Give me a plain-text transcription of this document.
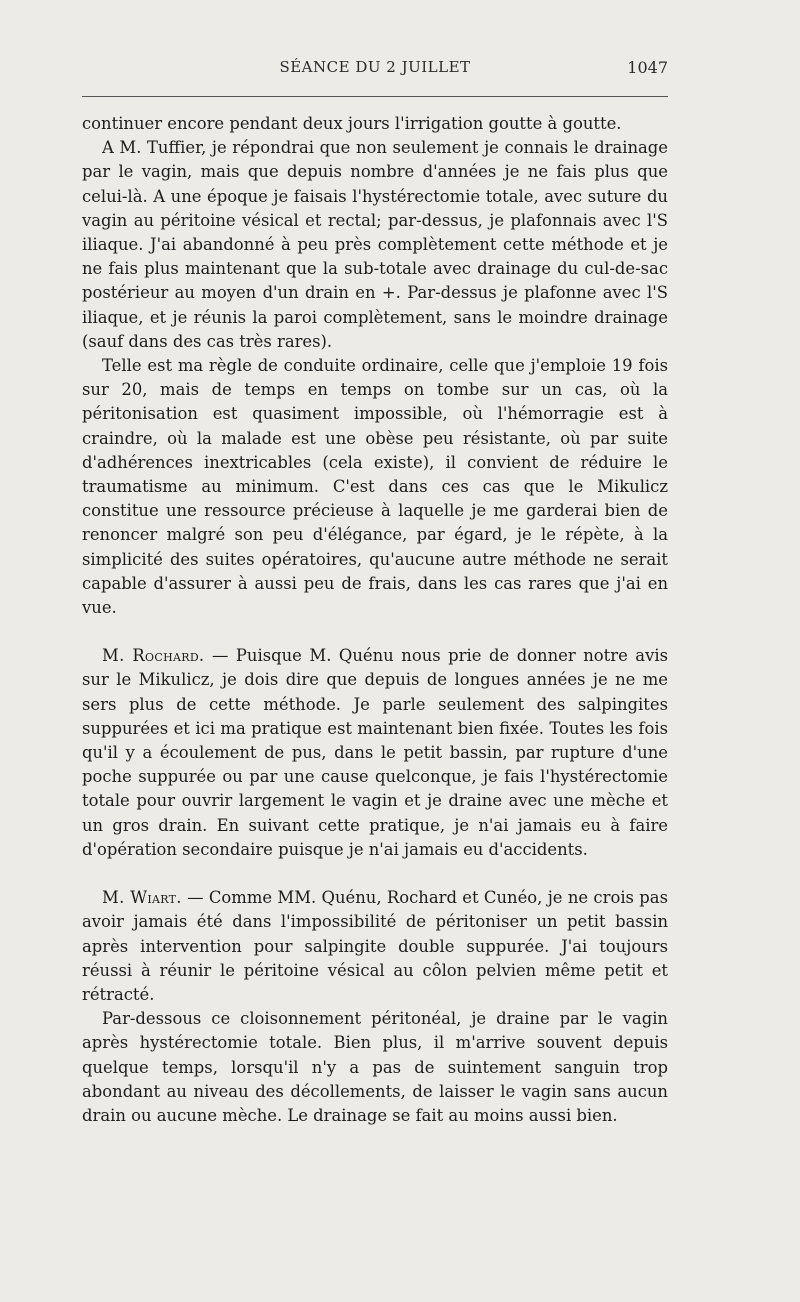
SÉANCE DU 2 JUILLET	1047

continuer encore pendant deux jours l'irrigation goutte à goutte.

A M. Tuffier, je répondrai que non seulement je connais le drainage par le vagin, mais que depuis nombre d'années je ne fais plus que celui-là. A une époque je faisais l'hystérectomie totale, avec suture du vagin au péritoine vésical et rectal; par-dessus, je plafonnais avec l'S iliaque. J'ai abandonné à peu près complètement cette méthode et je ne fais plus maintenant que la sub-totale avec drainage du cul-de-sac postérieur au moyen d'un drain en +. Par-dessus je plafonne avec l'S iliaque, et je réunis la paroi complètement, sans le moindre drainage (sauf dans des cas très rares).

Telle est ma règle de conduite ordinaire, celle que j'emploie 19 fois sur 20, mais de temps en temps on tombe sur un cas, où la péritonisation est quasiment impossible, où l'hémorragie est à craindre, où la malade est une obèse peu résistante, où par suite d'adhérences inextricables (cela existe), il convient de réduire le traumatisme au minimum. C'est dans ces cas que le Mikulicz constitue une ressource précieuse à laquelle je me garderai bien de renoncer malgré son peu d'élégance, par égard, je le répète, à la simplicité des suites opératoires, qu'aucune autre méthode ne serait capable d'assurer à aussi peu de frais, dans les cas rares que j'ai en vue.

M. Rochard. — Puisque M. Quénu nous prie de donner notre avis sur le Mikulicz, je dois dire que depuis de longues années je ne me sers plus de cette méthode. Je parle seulement des salpingites suppurées et ici ma pratique est maintenant bien fixée. Toutes les fois qu'il y a écoulement de pus, dans le petit bassin, par rupture d'une poche suppurée ou par une cause quelconque, je fais l'hystérectomie totale pour ouvrir largement le vagin et je draine avec une mèche et un gros drain. En suivant cette pratique, je n'ai jamais eu à faire d'opération secondaire puisque je n'ai jamais eu d'accidents.

M. Wiart. — Comme MM. Quénu, Rochard et Cunéo, je ne crois pas avoir jamais été dans l'impossibilité de péritoniser un petit bassin après intervention pour salpingite double suppurée. J'ai toujours réussi à réunir le péritoine vésical au côlon pelvien même petit et rétracté.

Par-dessous ce cloisonnement péritonéal, je draine par le vagin après hystérectomie totale. Bien plus, il m'arrive souvent depuis quelque temps, lorsqu'il n'y a pas de suintement sanguin trop abondant au niveau des décollements, de laisser le vagin sans aucun drain ou aucune mèche. Le drainage se fait au moins aussi bien.
